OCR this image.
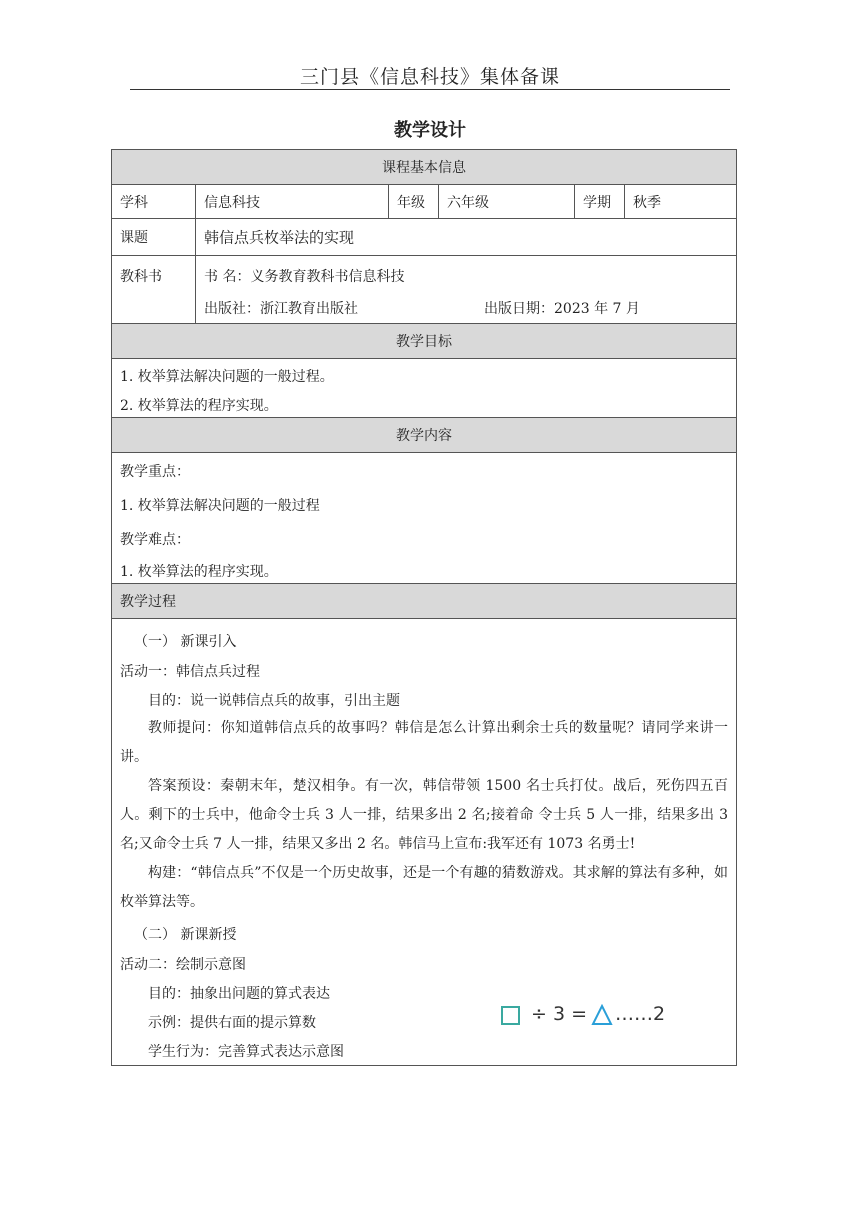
三门县《信息科技》集体备课
教学设计
课程基本信息
学科	信息科技	年级 六年级	学期 秋季
课题	韩信点兵枚举法的实现
教科书	书 名：义务教育教科书信息科技
出版社：浙江教育出版社	出版日期：2023 年 7 月
教学目标
1. 枚举算法解决问题的一般过程。
2. 枚举算法的程序实现。
教学内容
教学重点：
1. 枚举算法解决问题的一般过程
教学难点：
1. 枚举算法的程序实现。
教学过程
（一） 新课引入
活动一：韩信点兵过程
目的：说一说韩信点兵的故事，引出主题
教师提问：你知道韩信点兵的故事吗？韩信是怎么计算出剩余士兵的数量呢？请同学来讲一讲。
答案预设：秦朝末年，楚汉相争。有一次，韩信带领 1500 名士兵打仗。战后，死伤四五百人。剩下的士兵中，他命令士兵 3 人一排，结果多出 2 名;接着命 令士兵 5 人一排，结果多出 3 名;又命令士兵 7 人一排，结果又多出 2 名。韩信马上宣布:我军还有 1073 名勇士!
构建：“韩信点兵”不仅是一个历史故事，还是一个有趣的猜数游戏。其求解的算法有多种，如枚举算法等。
（二） 新课新授
活动二：绘制示意图
目的：抽象出问题的算式表达
示例：提供右面的提示算数
学生行为：完善算式表达示意图
÷ 3 = ……2
